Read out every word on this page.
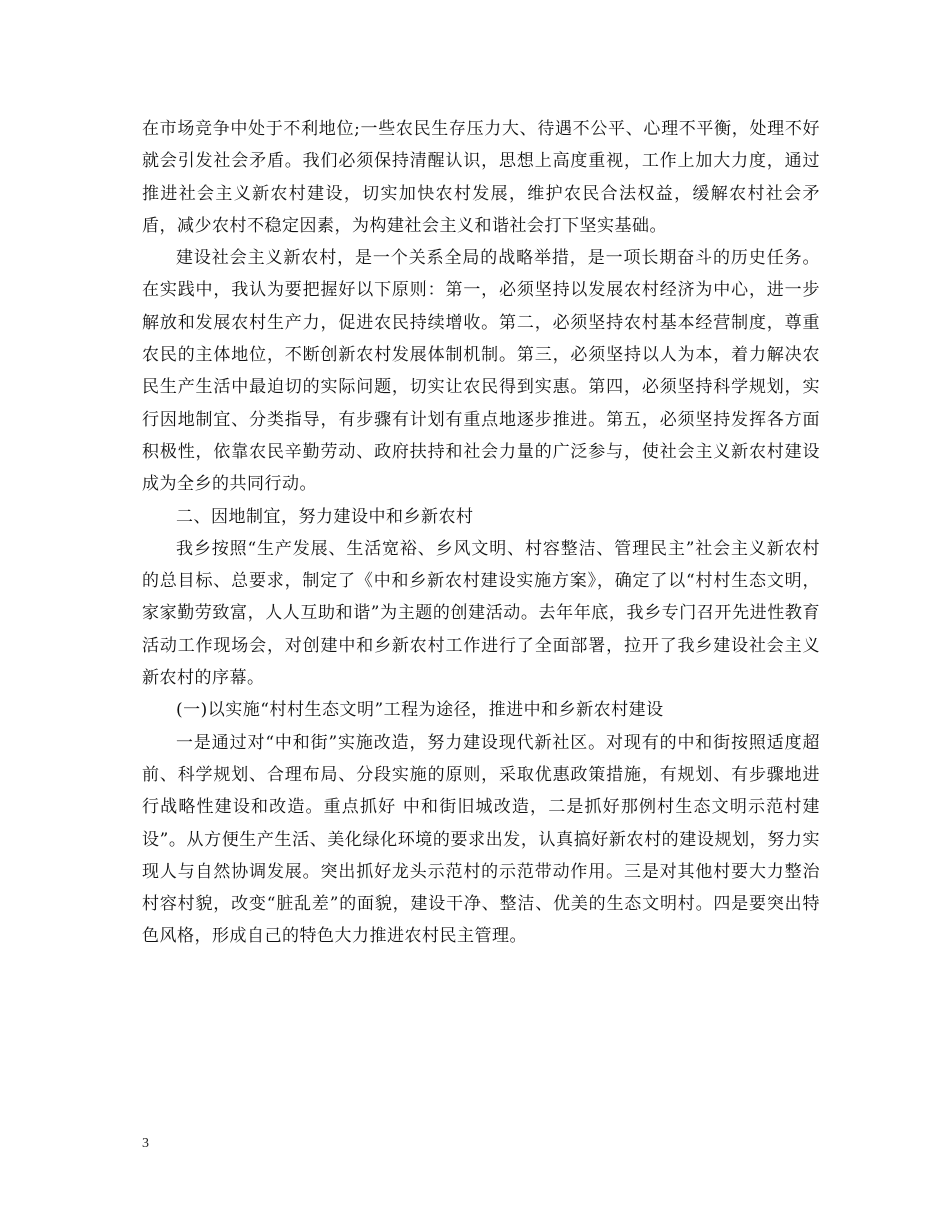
在市场竞争中处于不利地位;一些农民生存压力大、待遇不公平、心理不平衡，处理不好就会引发社会矛盾。我们必须保持清醒认识，思想上高度重视，工作上加大力度，通过推进社会主义新农村建设，切实加快农村发展，维护农民合法权益，缓解农村社会矛盾，减少农村不稳定因素，为构建社会主义和谐社会打下坚实基础。

建设社会主义新农村，是一个关系全局的战略举措，是一项长期奋斗的历史任务。在实践中，我认为要把握好以下原则：第一，必须坚持以发展农村经济为中心，进一步解放和发展农村生产力，促进农民持续增收。第二，必须坚持农村基本经营制度，尊重农民的主体地位，不断创新农村发展体制机制。第三，必须坚持以人为本，着力解决农民生产生活中最迫切的实际问题，切实让农民得到实惠。第四，必须坚持科学规划，实行因地制宜、分类指导，有步骤有计划有重点地逐步推进。第五，必须坚持发挥各方面积极性，依靠农民辛勤劳动、政府扶持和社会力量的广泛参与，使社会主义新农村建设成为全乡的共同行动。

二、因地制宜，努力建设中和乡新农村

我乡按照“生产发展、生活宽裕、乡风文明、村容整洁、管理民主”社会主义新农村的总目标、总要求，制定了《中和乡新农村建设实施方案》，确定了以“村村生态文明，家家勤劳致富，人人互助和谐”为主题的创建活动。去年年底，我乡专门召开先进性教育活动工作现场会，对创建中和乡新农村工作进行了全面部署，拉开了我乡建设社会主义新农村的序幕。

(一)以实施“村村生态文明”工程为途径，推进中和乡新农村建设

一是通过对“中和街”实施改造，努力建设现代新社区。对现有的中和街按照适度超前、科学规划、合理布局、分段实施的原则，采取优惠政策措施，有规划、有步骤地进行战略性建设和改造。重点抓好 中和街旧城改造，二是抓好那例村生态文明示范村建设”。从方便生产生活、美化绿化环境的要求出发，认真搞好新农村的建设规划，努力实现人与自然协调发展。突出抓好龙头示范村的示范带动作用。三是对其他村要大力整治村容村貌，改变“脏乱差”的面貌，建设干净、整洁、优美的生态文明村。四是要突出特色风格，形成自己的特色大力推进农村民主管理。

3
